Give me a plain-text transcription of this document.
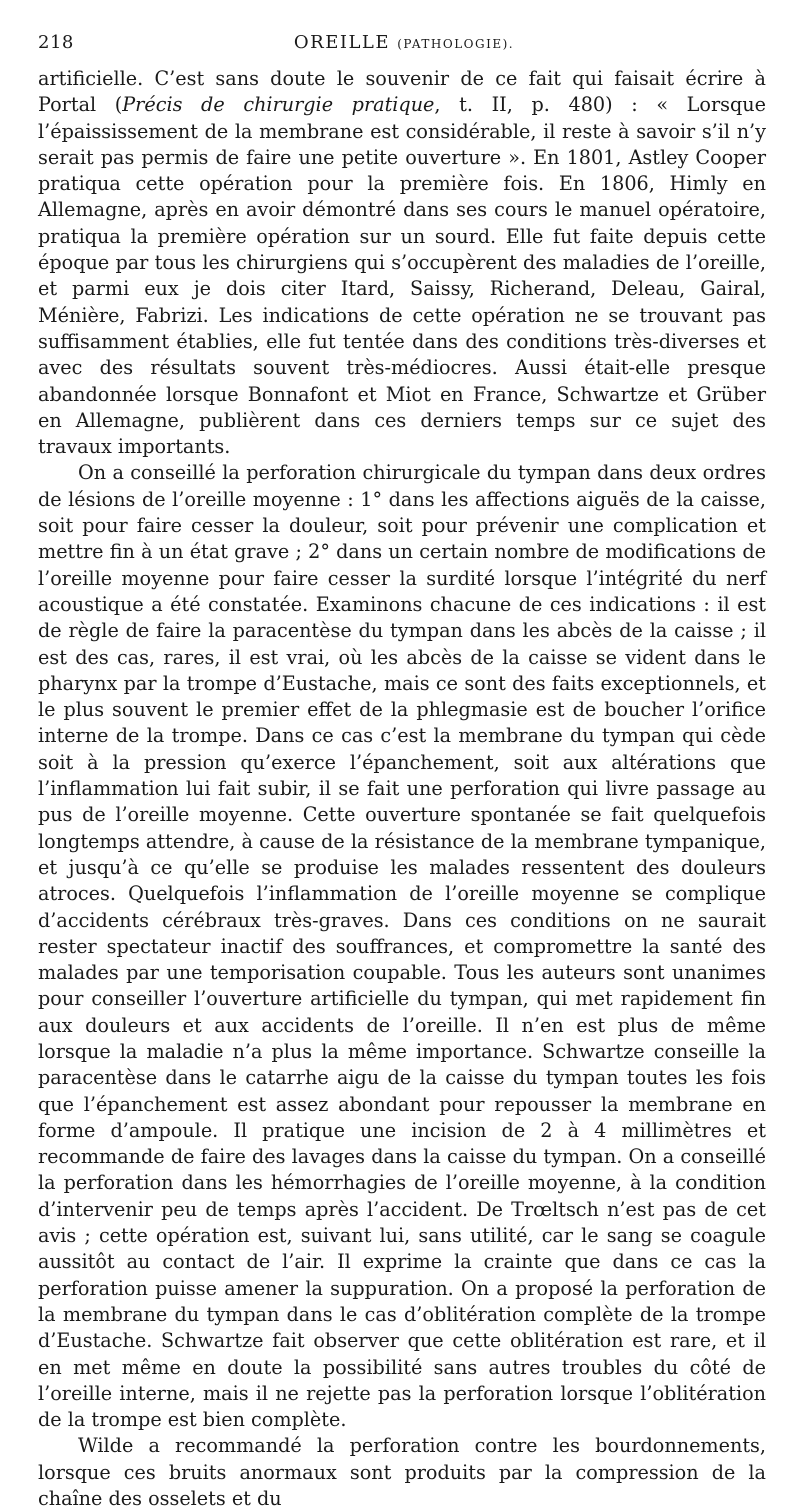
218	OREILLE (PATHOLOGIE).

artificielle. C’est sans doute le souvenir de ce fait qui faisait écrire à Portal (Précis de chirurgie pratique, t. II, p. 480) : « Lorsque l’épaississement de la membrane est considérable, il reste à savoir s’il n’y serait pas permis de faire une petite ouverture ». En 1801, Astley Cooper pratiqua cette opération pour la première fois. En 1806, Himly en Allemagne, après en avoir démontré dans ses cours le manuel opératoire, pratiqua la première opération sur un sourd. Elle fut faite depuis cette époque par tous les chirurgiens qui s’occupèrent des maladies de l’oreille, et parmi eux je dois citer Itard, Saissy, Richerand, Deleau, Gairal, Ménière, Fabrizi. Les indications de cette opération ne se trouvant pas suffisamment établies, elle fut tentée dans des conditions très-diverses et avec des résultats souvent très-médiocres. Aussi était-elle presque abandonnée lorsque Bonnafont et Miot en France, Schwartze et Grüber en Allemagne, publièrent dans ces derniers temps sur ce sujet des travaux importants.

On a conseillé la perforation chirurgicale du tympan dans deux ordres de lésions de l’oreille moyenne : 1° dans les affections aiguës de la caisse, soit pour faire cesser la douleur, soit pour prévenir une complication et mettre fin à un état grave ; 2° dans un certain nombre de modifications de l’oreille moyenne pour faire cesser la surdité lorsque l’intégrité du nerf acoustique a été constatée. Examinons chacune de ces indications : il est de règle de faire la paracentèse du tympan dans les abcès de la caisse ; il est des cas, rares, il est vrai, où les abcès de la caisse se vident dans le pharynx par la trompe d’Eustache, mais ce sont des faits exceptionnels, et le plus souvent le premier effet de la phlegmasie est de boucher l’orifice interne de la trompe. Dans ce cas c’est la membrane du tympan qui cède soit à la pression qu’exerce l’épanchement, soit aux altérations que l’inflammation lui fait subir, il se fait une perforation qui livre passage au pus de l’oreille moyenne. Cette ouverture spontanée se fait quelquefois longtemps attendre, à cause de la résistance de la membrane tympanique, et jusqu’à ce qu’elle se produise les malades ressentent des douleurs atroces. Quelquefois l’inflammation de l’oreille moyenne se complique d’accidents cérébraux très-graves. Dans ces conditions on ne saurait rester spectateur inactif des souffrances, et compromettre la santé des malades par une temporisation coupable. Tous les auteurs sont unanimes pour conseiller l’ouverture artificielle du tympan, qui met rapidement fin aux douleurs et aux accidents de l’oreille. Il n’en est plus de même lorsque la maladie n’a plus la même importance. Schwartze conseille la paracentèse dans le catarrhe aigu de la caisse du tympan toutes les fois que l’épanchement est assez abondant pour repousser la membrane en forme d’ampoule. Il pratique une incision de 2 à 4 millimètres et recommande de faire des lavages dans la caisse du tympan. On a conseillé la perforation dans les hémorrhagies de l’oreille moyenne, à la condition d’intervenir peu de temps après l’accident. De Trœltsch n’est pas de cet avis ; cette opération est, suivant lui, sans utilité, car le sang se coagule aussitôt au contact de l’air. Il exprime la crainte que dans ce cas la perforation puisse amener la suppuration. On a proposé la perforation de la membrane du tympan dans le cas d’oblitération complète de la trompe d’Eustache. Schwartze fait observer que cette oblitération est rare, et il en met même en doute la possibilité sans autres troubles du côté de l’oreille interne, mais il ne rejette pas la perforation lorsque l’oblitération de la trompe est bien complète.

Wilde a recommandé la perforation contre les bourdonnements, lorsque ces bruits anormaux sont produits par la compression de la chaîne des osselets et du
